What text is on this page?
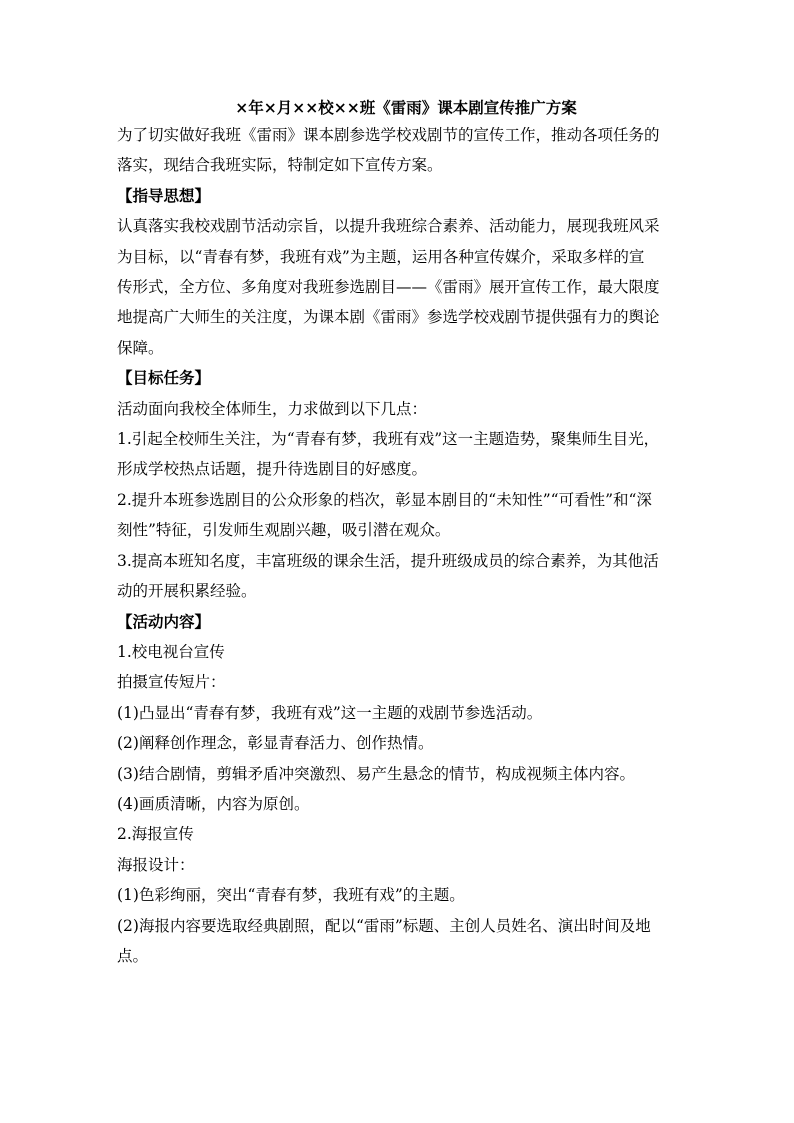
×年×月××校××班《雷雨》课本剧宣传推广方案

为了切实做好我班《雷雨》课本剧参选学校戏剧节的宣传工作，推动各项任务的

落实，现结合我班实际，特制定如下宣传方案。

【指导思想】

认真落实我校戏剧节活动宗旨，以提升我班综合素养、活动能力，展现我班风采

为目标，以“青春有梦，我班有戏”为主题，运用各种宣传媒介，采取多样的宣

传形式，全方位、多角度对我班参选剧目——《雷雨》展开宣传工作，最大限度

地提高广大师生的关注度，为课本剧《雷雨》参选学校戏剧节提供强有力的舆论

保障。

【目标任务】

活动面向我校全体师生，力求做到以下几点：

1.引起全校师生关注，为“青春有梦，我班有戏”这一主题造势，聚集师生目光，

形成学校热点话题，提升待选剧目的好感度。

2.提升本班参选剧目的公众形象的档次，彰显本剧目的“未知性”“可看性”和“深

刻性”特征，引发师生观剧兴趣，吸引潜在观众。

3.提高本班知名度，丰富班级的课余生活，提升班级成员的综合素养，为其他活

动的开展积累经验。

【活动内容】

1.校电视台宣传

拍摄宣传短片：

(1)凸显出“青春有梦，我班有戏”这一主题的戏剧节参选活动。

(2)阐释创作理念，彰显青春活力、创作热情。

(3)结合剧情，剪辑矛盾冲突激烈、易产生悬念的情节，构成视频主体内容。

(4)画质清晰，内容为原创。

2.海报宣传

海报设计：

(1)色彩绚丽，突出“青春有梦，我班有戏”的主题。

(2)海报内容要选取经典剧照，配以“雷雨”标题、主创人员姓名、演出时间及地

点。
